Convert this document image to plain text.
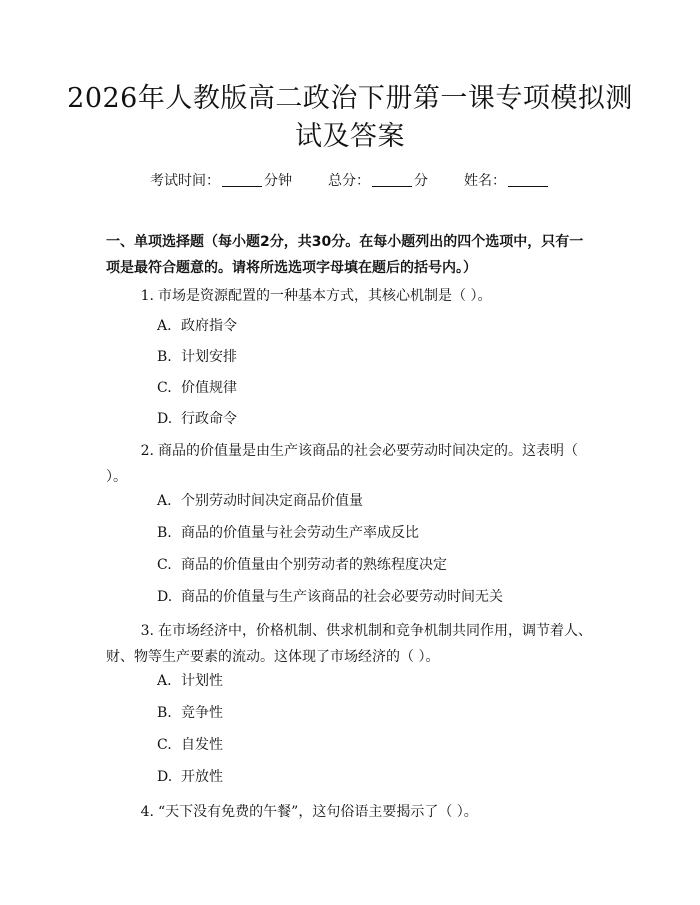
2026年人教版高二政治下册第一课专项模拟测试及答案
考试时间：	分钟	总分：	分	姓名：
一、单项选择题（每小题2分，共30分。在每小题列出的四个选项中，只有一项是最符合题意的。请将所选选项字母填在题后的括号内。）
1. 市场是资源配置的一种基本方式，其核心机制是（ ）。
A. 政府指令
B. 计划安排
C. 价值规律
D. 行政命令
2. 商品的价值量是由生产该商品的社会必要劳动时间决定的。这表明（ ）。
A. 个别劳动时间决定商品价值量
B. 商品的价值量与社会劳动生产率成反比
C. 商品的价值量由个别劳动者的熟练程度决定
D. 商品的价值量与生产该商品的社会必要劳动时间无关
3. 在市场经济中，价格机制、供求机制和竞争机制共同作用，调节着人、财、物等生产要素的流动。这体现了市场经济的（ ）。
A. 计划性
B. 竞争性
C. 自发性
D. 开放性
4. “天下没有免费的午餐”，这句俗语主要揭示了（ ）。
